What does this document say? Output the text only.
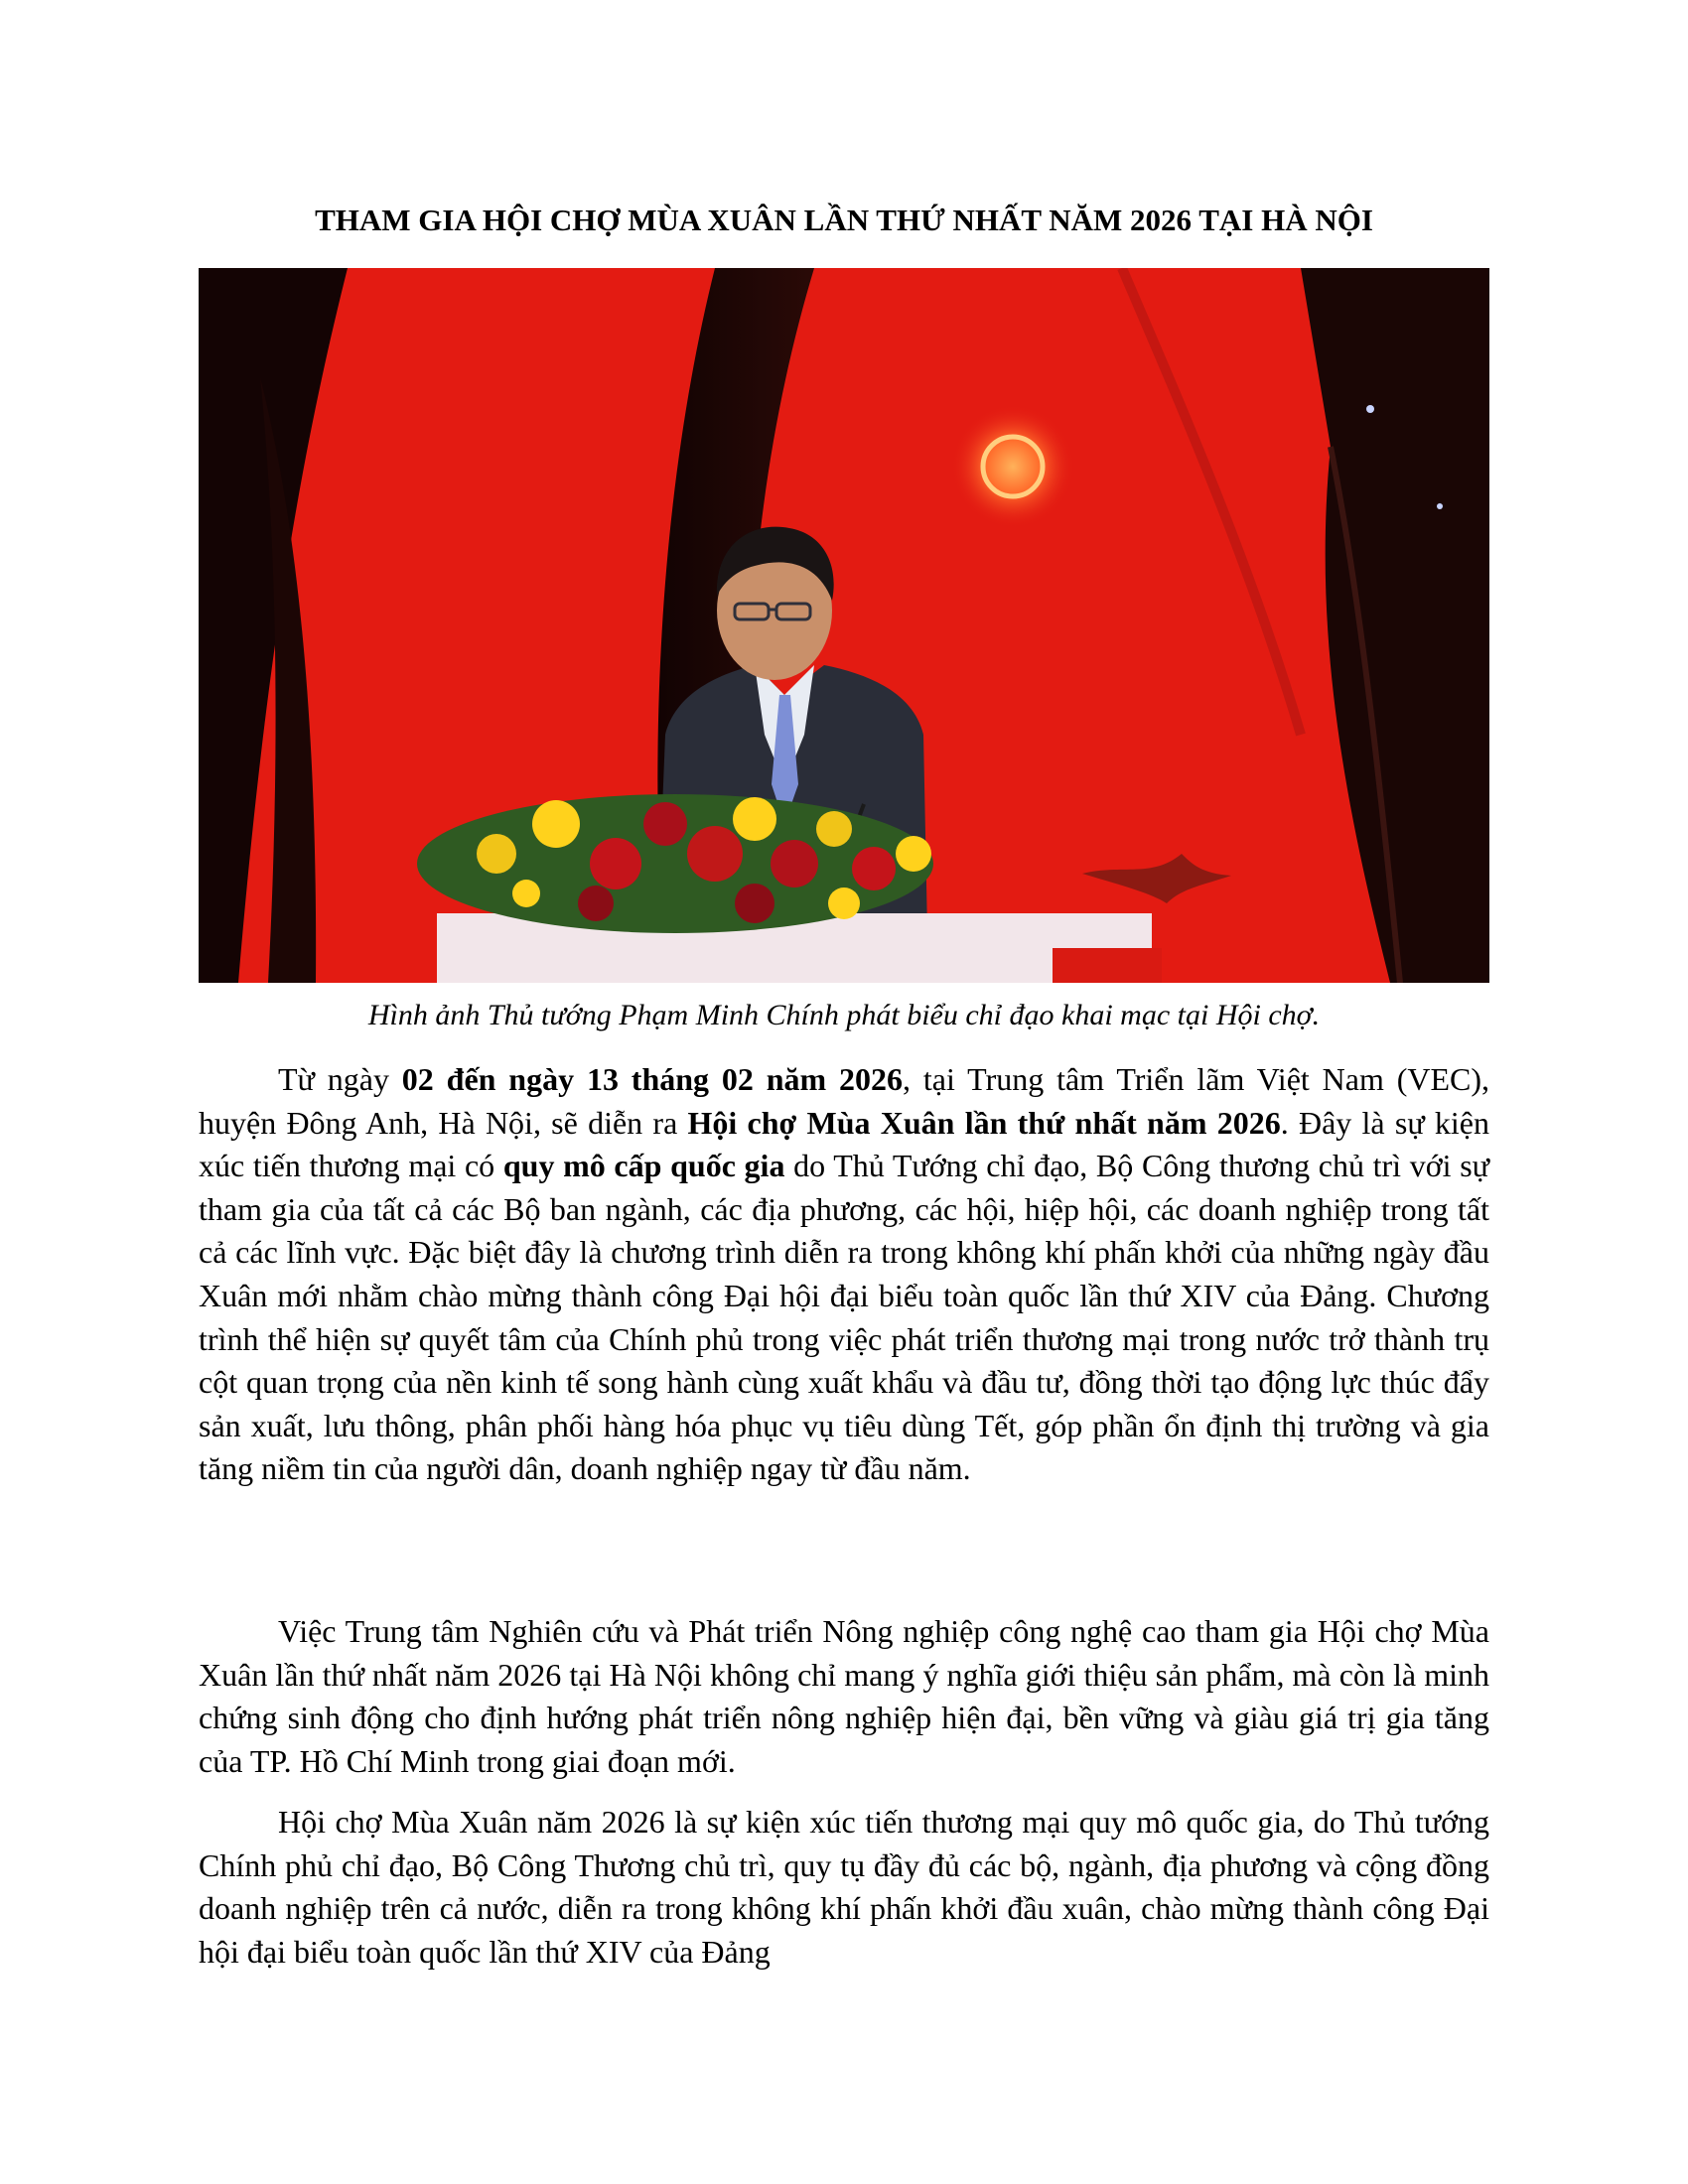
THAM GIA HỘI CHỢ MÙA XUÂN LẦN THỨ NHẤT NĂM 2026 TẠI HÀ NỘI
Hình ảnh Thủ tướng Phạm Minh Chính phát biểu chỉ đạo khai mạc tại Hội chợ.

Từ ngày 02 đến ngày 13 tháng 02 năm 2026, tại Trung tâm Triển lãm Việt Nam (VEC), huyện Đông Anh, Hà Nội, sẽ diễn ra Hội chợ Mùa Xuân lần thứ nhất năm 2026. Đây là sự kiện xúc tiến thương mại có quy mô cấp quốc gia do Thủ Tướng chỉ đạo, Bộ Công thương chủ trì với sự tham gia của tất cả các Bộ ban ngành, các địa phương, các hội, hiệp hội, các doanh nghiệp trong tất cả các lĩnh vực. Đặc biệt đây là chương trình diễn ra trong không khí phấn khởi của những ngày đầu Xuân mới nhằm chào mừng thành công Đại hội đại biểu toàn quốc lần thứ XIV của Đảng. Chương trình thể hiện sự quyết tâm của Chính phủ trong việc phát triển thương mại trong nước trở thành trụ cột quan trọng của nền kinh tế song hành cùng xuất khẩu và đầu tư, đồng thời tạo động lực thúc đẩy sản xuất, lưu thông, phân phối hàng hóa phục vụ tiêu dùng Tết, góp phần ổn định thị trường và gia tăng niềm tin của người dân, doanh nghiệp ngay từ đầu năm.

Việc Trung tâm Nghiên cứu và Phát triển Nông nghiệp công nghệ cao tham gia Hội chợ Mùa Xuân lần thứ nhất năm 2026 tại Hà Nội không chỉ mang ý nghĩa giới thiệu sản phẩm, mà còn là minh chứng sinh động cho định hướng phát triển nông nghiệp hiện đại, bền vững và giàu giá trị gia tăng của TP. Hồ Chí Minh trong giai đoạn mới.

Hội chợ Mùa Xuân năm 2026 là sự kiện xúc tiến thương mại quy mô quốc gia, do Thủ tướng Chính phủ chỉ đạo, Bộ Công Thương chủ trì, quy tụ đầy đủ các bộ, ngành, địa phương và cộng đồng doanh nghiệp trên cả nước, diễn ra trong không khí phấn khởi đầu xuân, chào mừng thành công Đại hội đại biểu toàn quốc lần thứ XIV của Đảng
